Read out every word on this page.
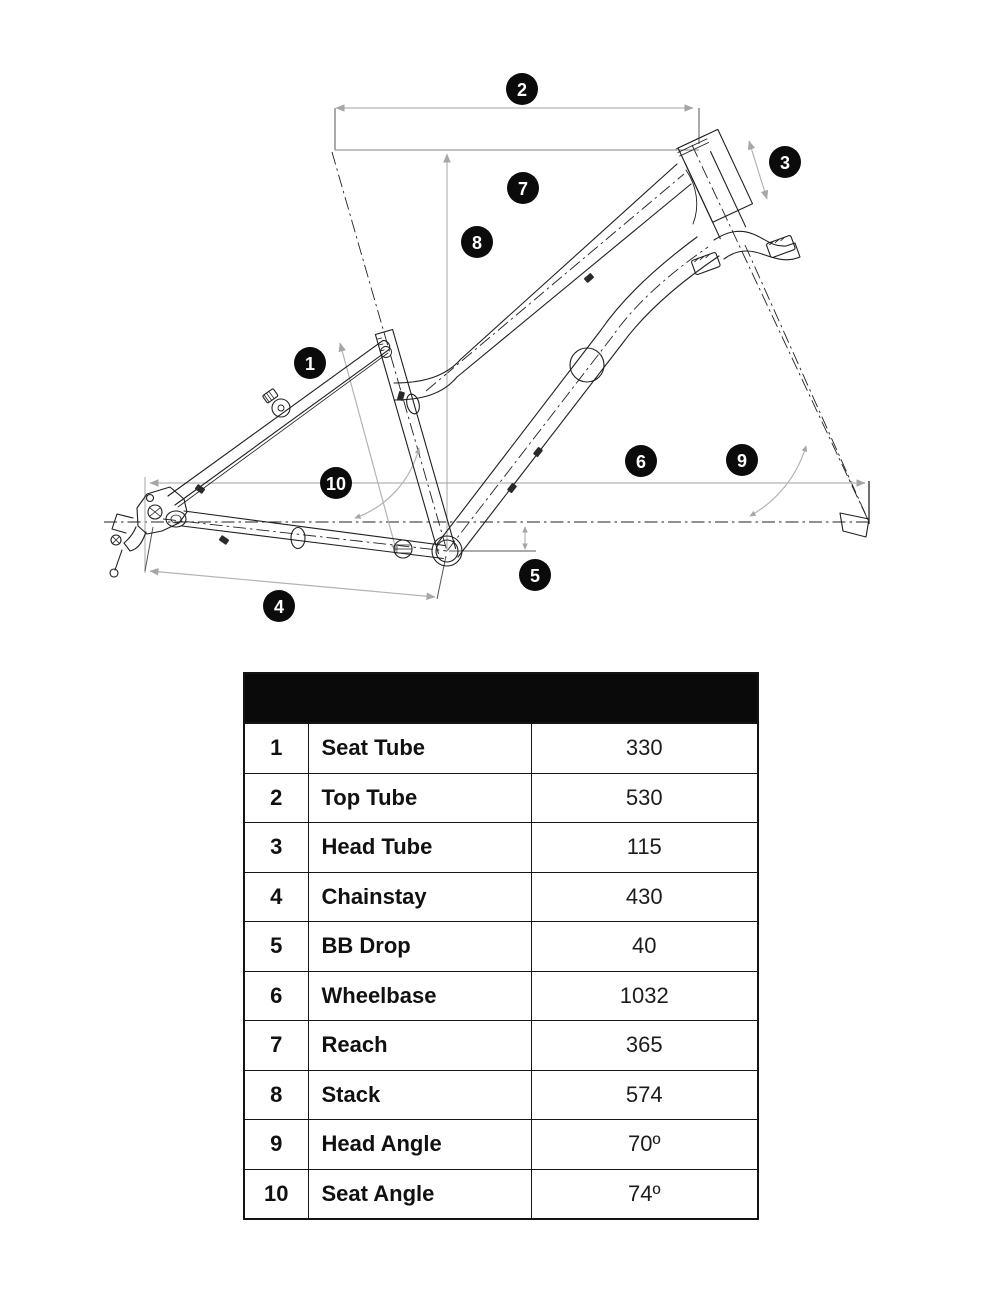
1
2
3
4
5
6
7
8
9
10

1	Seat Tube	330
2	Top Tube	530
3	Head Tube	115
4	Chainstay	430
5	BB Drop	40
6	Wheelbase	1032
7	Reach	365
8	Stack	574
9	Head Angle	70º
10	Seat Angle	74º
